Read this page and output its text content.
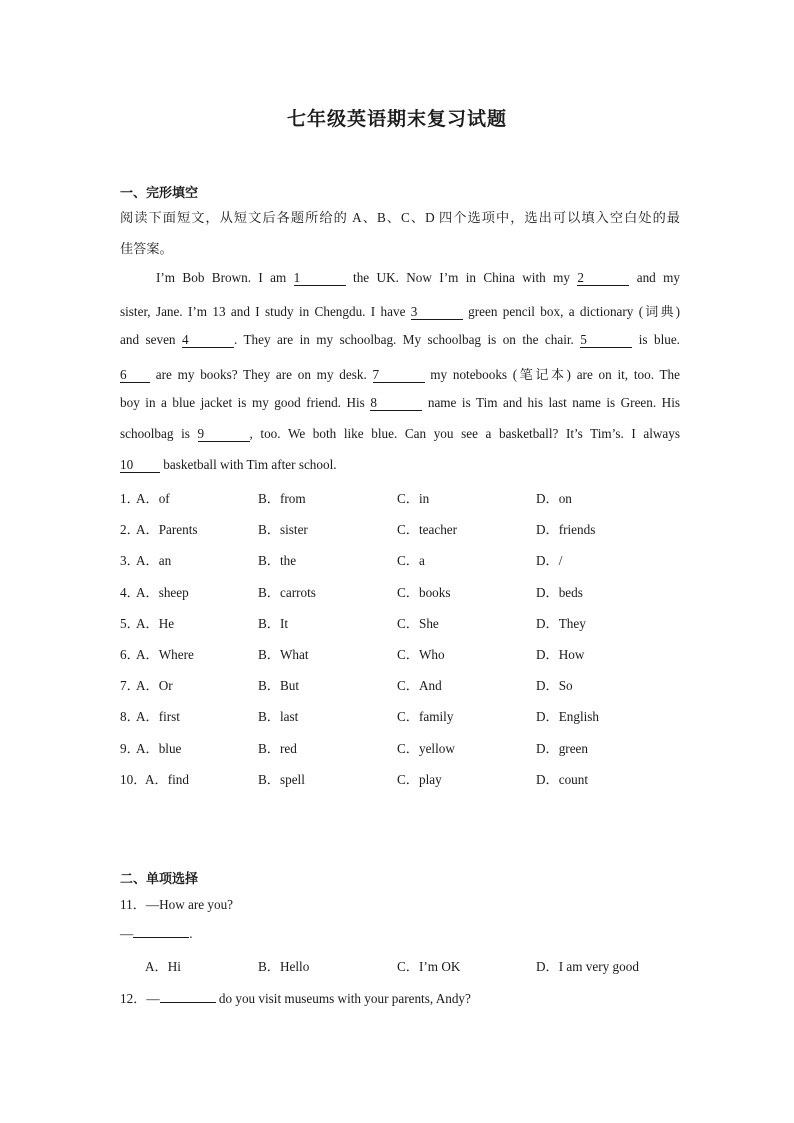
七年级英语期末复习试题
一、完形填空
阅读下面短文，从短文后各题所给的 A、B、C、D 四个选项中，选出可以填入空白处的最
佳答案。
I’m Bob Brown. I am 1	the UK. Now I’m in China with my 2	and my
sister, Jane. I’m 13 and I study in Chengdu. I have 3	green pencil box, a dictionary (词典)
and seven 4	. They are in my schoolbag. My schoolbag is on the chair. 5	is blue.
6 are my books? They are on my desk. 7	my notebooks (笔记本) are on it, too. The
boy in a blue jacket is my good friend. His 8	name is Tim and his last name is Green. His
schoolbag is 9	, too. We both like blue. Can you see a basketball? It’s Tim’s. I always
10 basketball with Tim after school.
1．
A．of	B．from	C．in	D．on
2．
A．Parents	B．sister	C．teacher	D．friends
3．
A．an	B．the	C．a	D．/
4．
A．sheep	B．carrots	C．books	D．beds
5．
A．He	B．It	C．She	D．They
6．
A．Where	B．What	C．Who	D．How
7．
A．Or	B．But	C．And	D．So
8．
A．first	B．last	C．family	D．English
9．
A．blue	B．red	C．yellow	D．green
10．
A．find	B．spell	C．play	D．count
二、单项选择
11．—How are you?
—	.
A．Hi	B．Hello	C．I’m OK	D．I am very good
12．—	do you visit museums with your parents, Andy?
